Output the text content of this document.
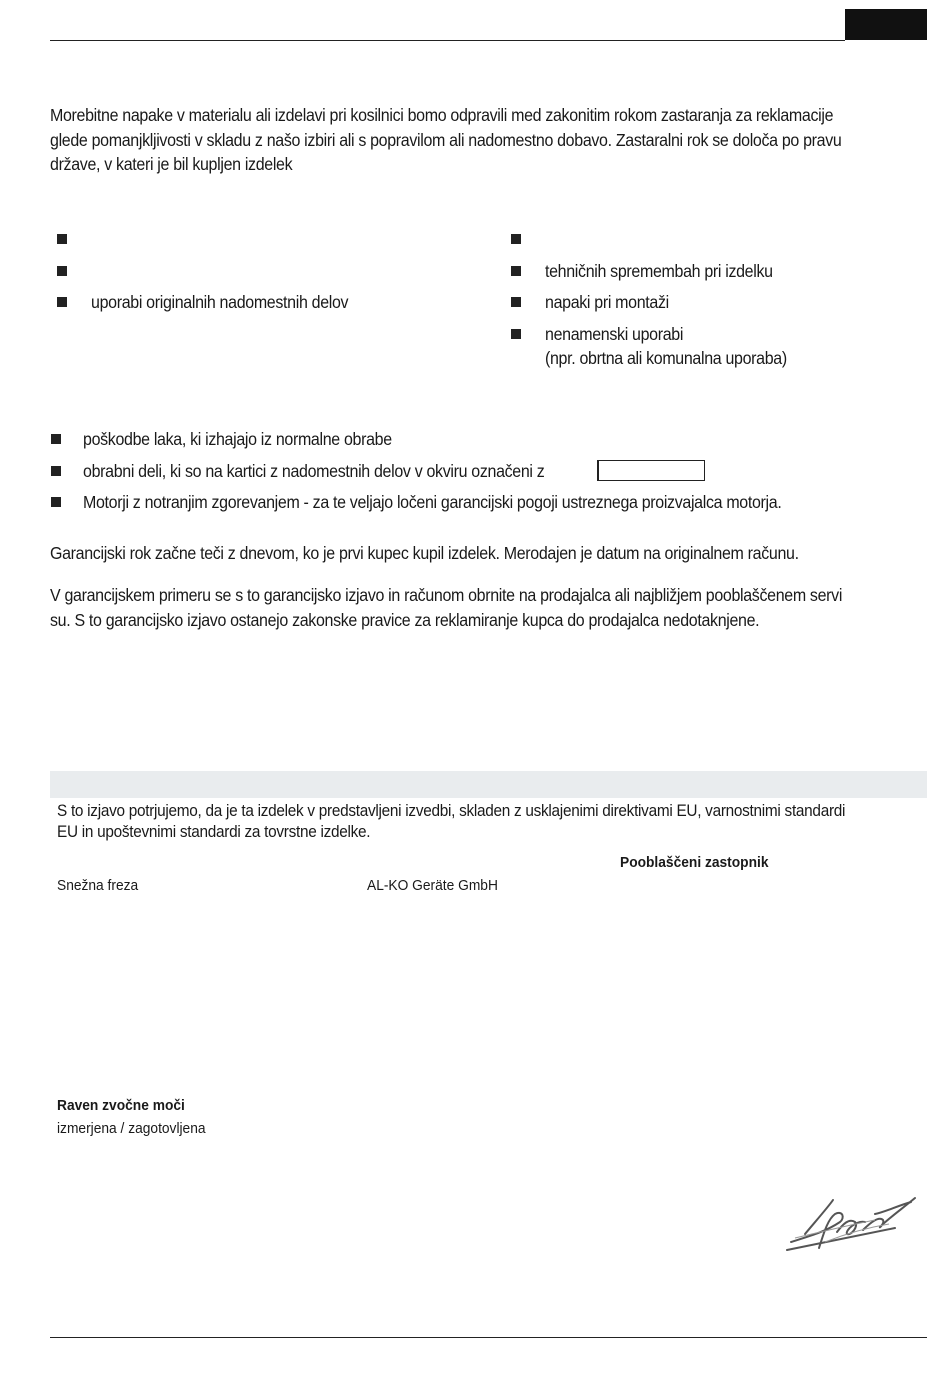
Morebitne napake v materialu ali izdelavi pri kosilnici bomo odpravili med zakonitim rokom zastaranja za reklamacije
glede pomanjkljivosti v skladu z našo izbiri ali s popravilom ali nadomestno dobavo. Zastaralni rok se določa po pravu
države, v kateri je bil kupljen izdelek
uporabi originalnih nadomestnih delov
tehničnih spremembah pri izdelku
napaki pri montaži
nenamenski uporabi
(npr. obrtna ali komunalna uporaba)
poškodbe laka, ki izhajajo iz normalne obrabe
obrabni deli, ki so na kartici z nadomestnih delov v okviru označeni z
Motorji z notranjim zgorevanjem - za te veljajo ločeni garancijski pogoji ustreznega proizvajalca motorja.
Garancijski rok začne teči z dnevom, ko je prvi kupec kupil izdelek. Merodajen je datum na originalnem računu.
V garancijskem primeru se s to garancijsko izjavo in računom obrnite na prodajalca ali najbližjem pooblaščenem servi
su. S to garancijsko izjavo ostanejo zakonske pravice za reklamiranje kupca do prodajalca nedotaknjene.
S to izjavo potrjujemo, da je ta izdelek v predstavljeni izvedbi, skladen z usklajenimi direktivami EU, varnostnimi standardi
EU in upoštevnimi standardi za tovrstne izdelke.
Pooblaščeni zastopnik
Snežna freza	AL-KO Geräte GmbH
Raven zvočne moči
izmerjena / zagotovljena
